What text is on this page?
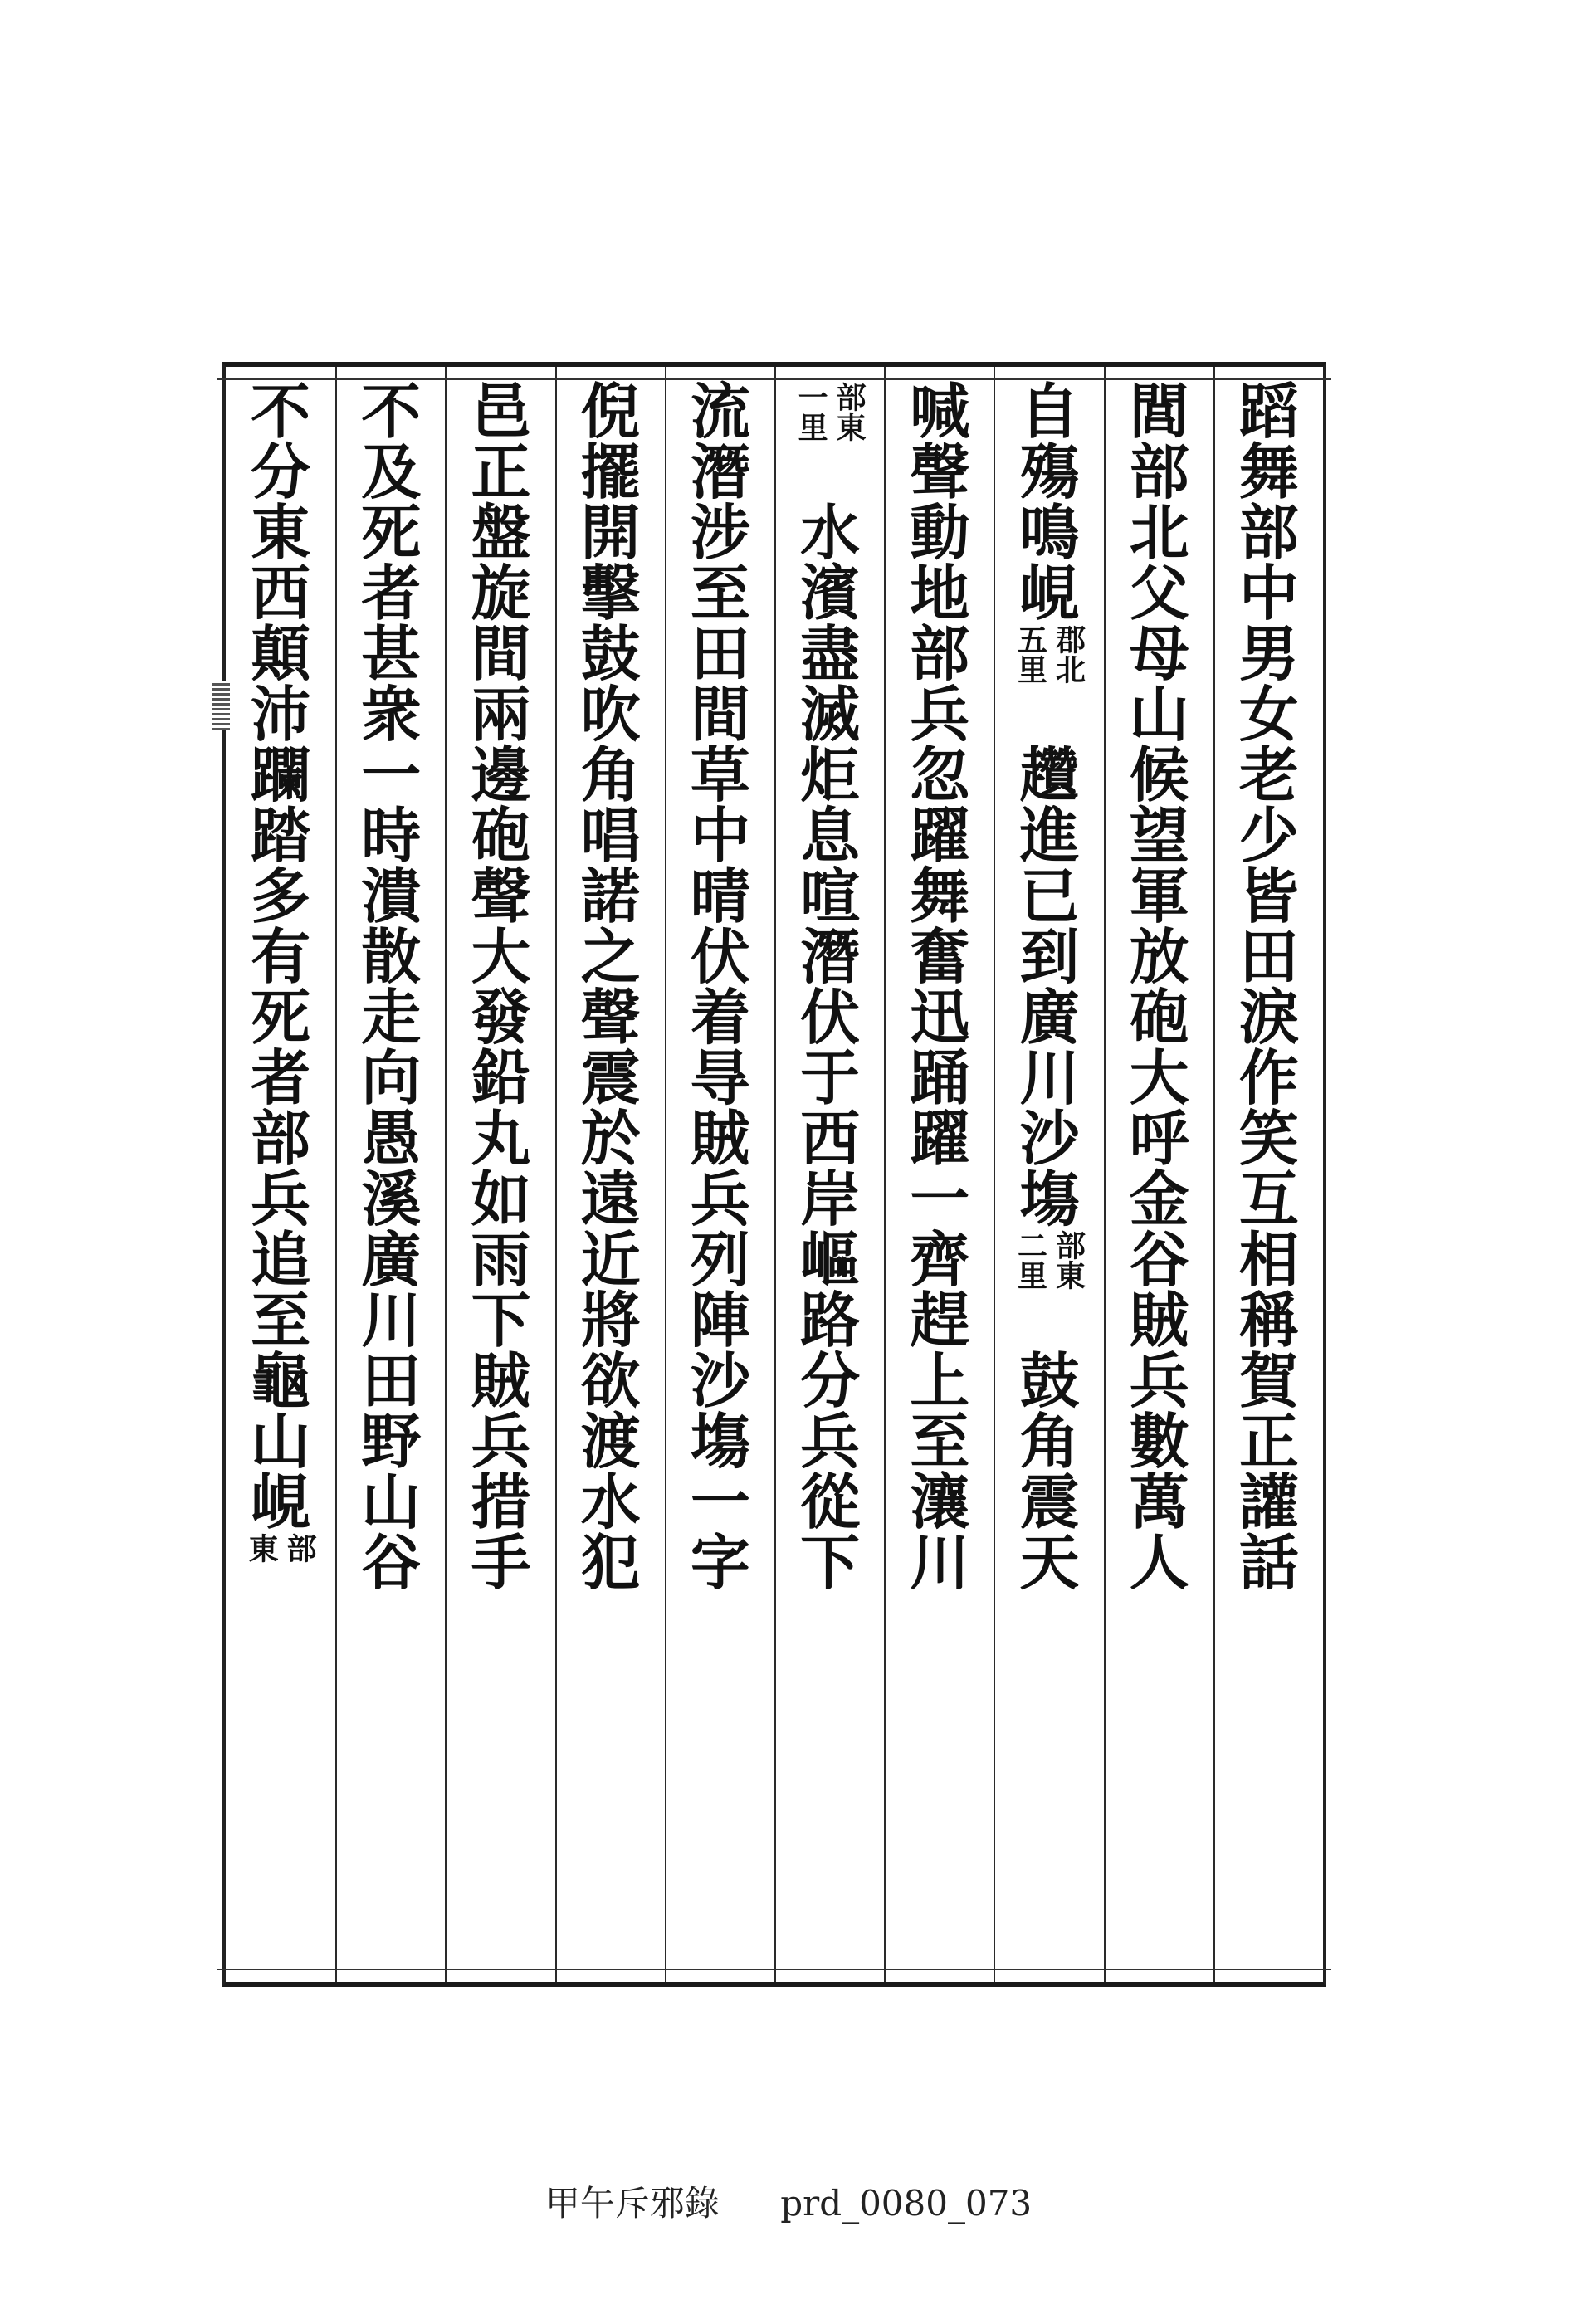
蹈
舞
部
中
男
女
老
少
皆
田
淚
作
笑
互
相
稱
賀
正
讙
話
閭
部
北
父
母
山
候
望
軍
放
砲
大
呼
金
谷
賊
兵
數
萬
人
自
殤
鳴
峴
郡北
五里
趲
進
已
到
廣
川
沙
塲
部東
二里
鼓
角
震
天
喊
聲
動
地
部
兵
忽
躍
舞
奮
迅
踊
躍
一
齊
趕
上
至
瀼
川
部東
一里
水
濱
盡
滅
炬
息
喧
潛
伏
于
西
岸
嶇
路
分
兵
從
下
流
潛
涉
至
田
間
草
中
晴
伏
着
㝵
賊
兵
列
陣
沙
塲
一
字
倪
擺
開
擊
鼓
吹
角
唱
諾
之
聲
震
於
遠
近
將
欲
渡
水
犯
邑
正
盤
旋
間
兩
邊
砲
聲
大
發
鉛
丸
如
雨
下
賊
兵
措
手
不
及
死
者
甚
衆
一
時
潰
散
走
向
愚
溪
廣
川
田
野
山
谷
不
分
東
西
顛
沛
躝
踏
多
有
死
者
部
兵
追
至
龜
山
峴
部
東
甲午斥邪錄 prd_0080_073
